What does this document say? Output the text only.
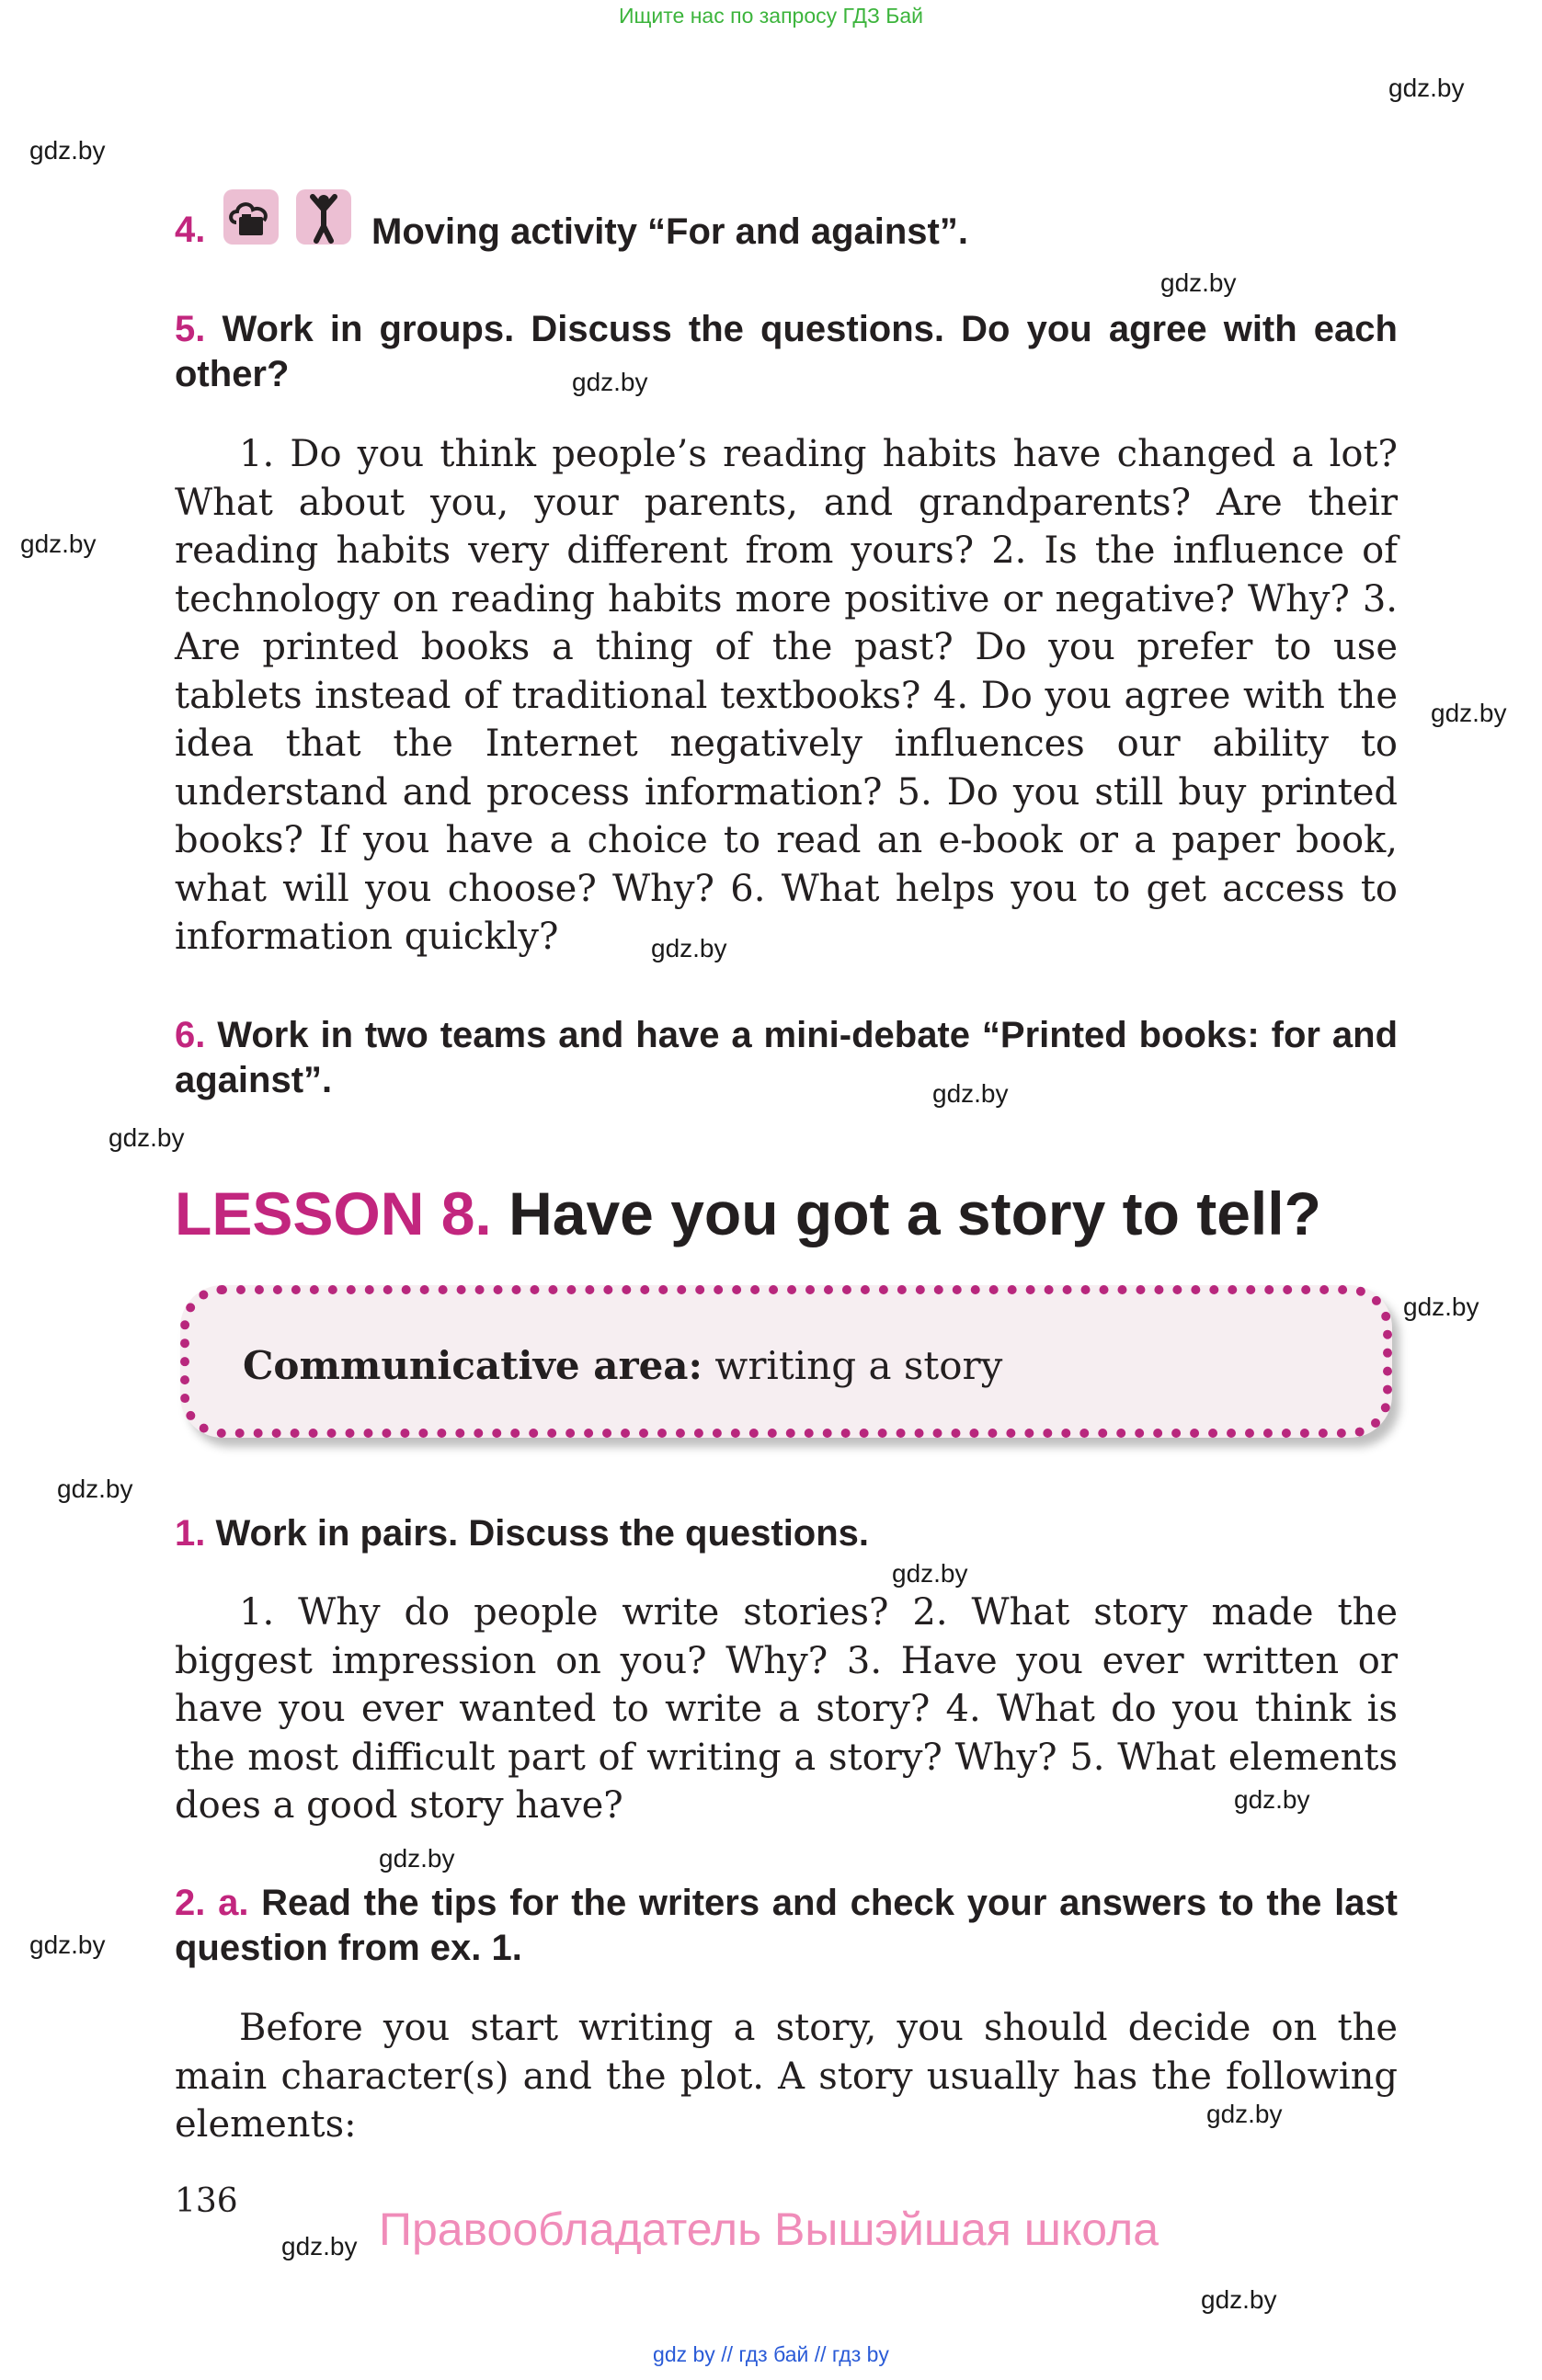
Ищите нас по запросу ГДЗ Бай
gdz.by
gdz.by
gdz.by
gdz.by
gdz.by
gdz.by
gdz.by
gdz.by
gdz.by
gdz.by
gdz.by
gdz.by
gdz.by
gdz.by
gdz.by
gdz.by
gdz.by
gdz.by
4.	Moving activity “For and against”.
5. Work in groups. Discuss the questions. Do you agree with each other?
1. Do you think people’s reading habits have changed a lot? What about you, your parents, and grandparents? Are their reading habits very different from yours? 2. Is the influence of technology on reading habits more positive or negative? Why? 3. Are printed books a thing of the past? Do you prefer to use tablets instead of traditional textbooks? 4. Do you agree with the idea that the Internet negatively influences our ability to understand and process information? 5. Do you still buy printed books? If you have a choice to read an e-book or a paper book, what will you choose? Why? 6. What helps you to get access to information quickly?
6. Work in two teams and have a mini-debate “Printed books: for and against”.
LESSON 8. Have you got a story to tell?
Communicative area: writing a story
1. Work in pairs. Discuss the questions.
1. Why do people write stories? 2. What story made the biggest impression on you? Why? 3. Have you ever written or have you ever wanted to write a story? 4. What do you think is the most difficult part of writing a story? Why? 5. What elements does a good story have?
2. a. Read the tips for the writers and check your answers to the last question from ex. 1.
Before you start writing a story, you should decide on the main character(s) and the plot. A story usually has the following elements:
136
Правообладатель Вышэйшая школа
gdz by // гдз бай // гдз by
